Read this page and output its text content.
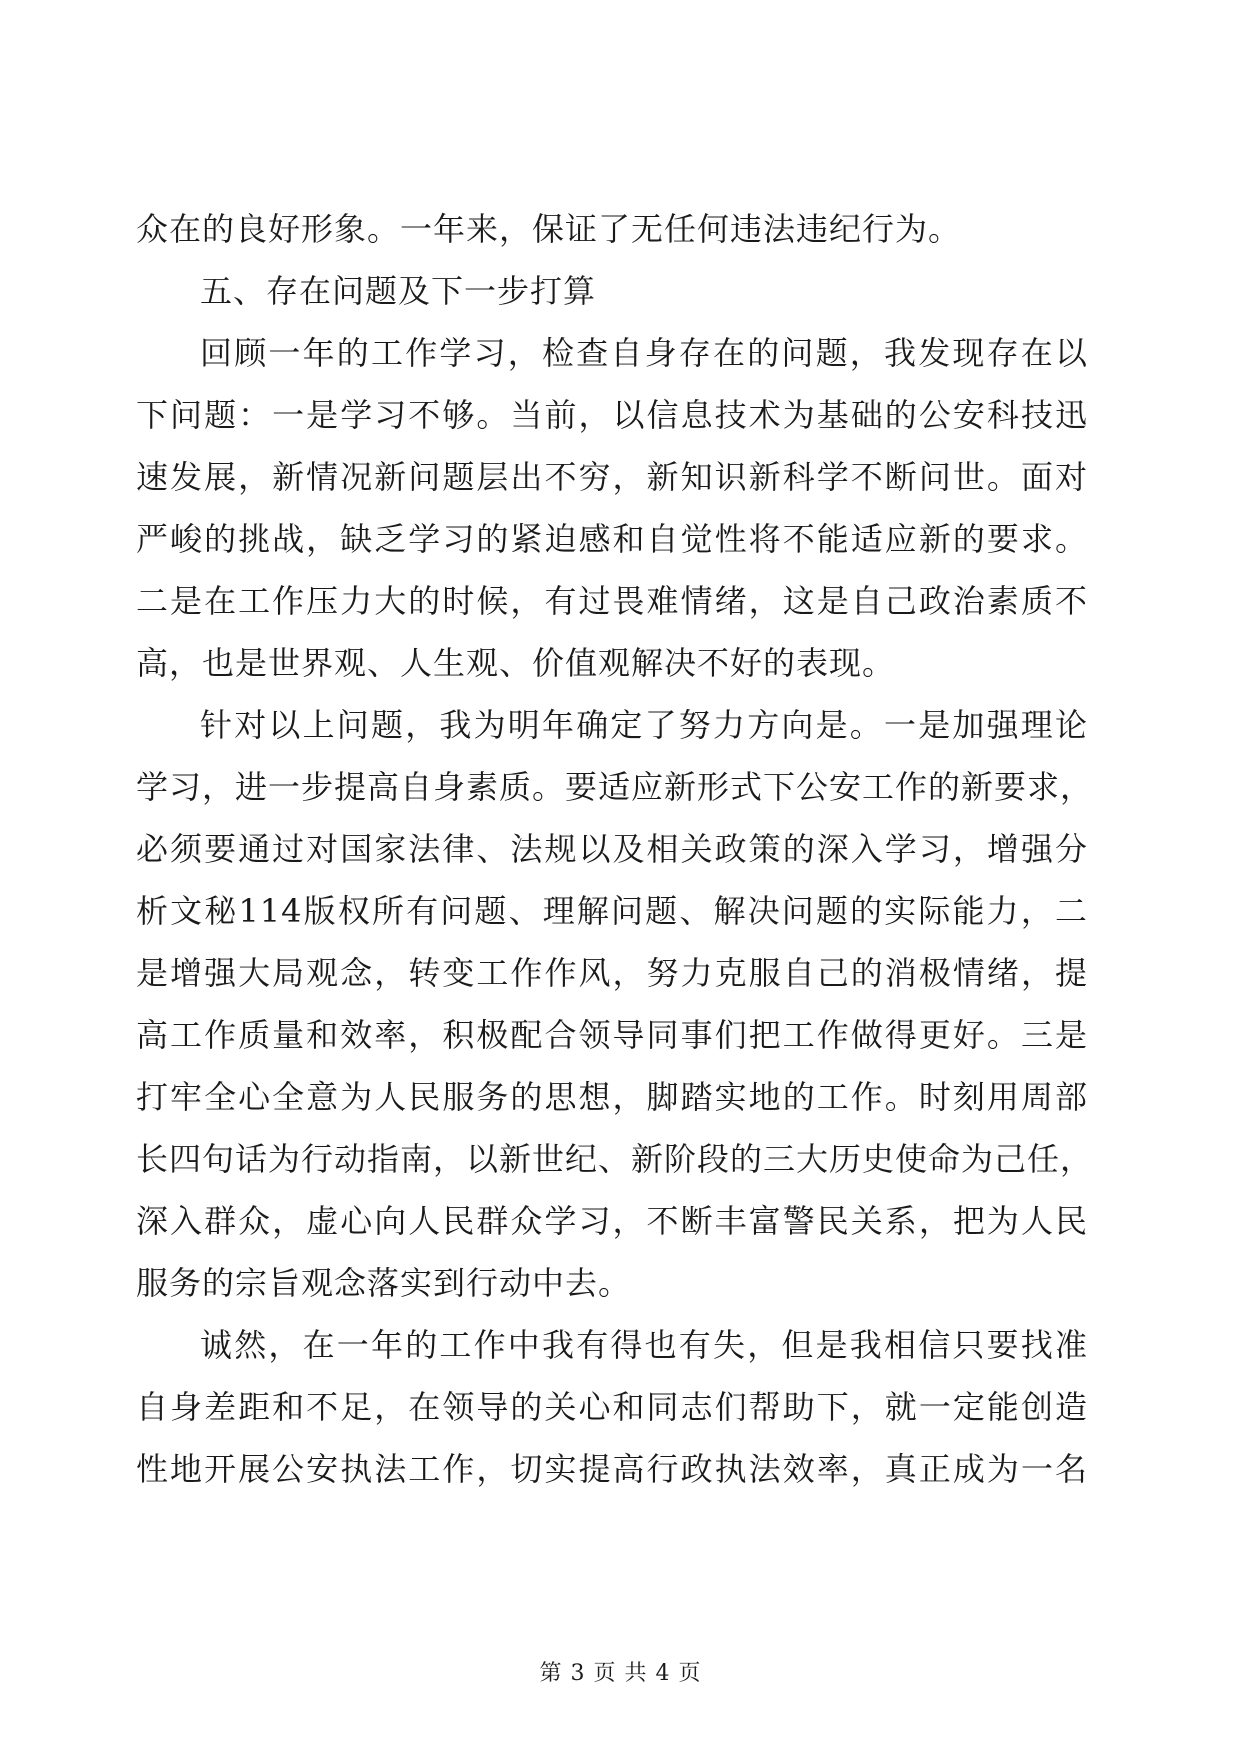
众在的良好形象。一年来，保证了无任何违法违纪行为。
五、存在问题及下一步打算
回顾一年的工作学习，检查自身存在的问题，我发现存在以
下问题：一是学习不够。当前，以信息技术为基础的公安科技迅
速发展，新情况新问题层出不穷，新知识新科学不断问世。面对
严峻的挑战，缺乏学习的紧迫感和自觉性将不能适应新的要求。
二是在工作压力大的时候，有过畏难情绪，这是自己政治素质不
高，也是世界观、人生观、价值观解决不好的表现。
针对以上问题，我为明年确定了努力方向是。一是加强理论
学习，进一步提高自身素质。要适应新形式下公安工作的新要求，
必须要通过对国家法律、法规以及相关政策的深入学习，增强分
析文秘114版权所有问题、理解问题、解决问题的实际能力，二
是增强大局观念，转变工作作风，努力克服自己的消极情绪，提
高工作质量和效率，积极配合领导同事们把工作做得更好。三是
打牢全心全意为人民服务的思想，脚踏实地的工作。时刻用周部
长四句话为行动指南，以新世纪、新阶段的三大历史使命为己任，
深入群众，虚心向人民群众学习，不断丰富警民关系，把为人民
服务的宗旨观念落实到行动中去。
诚然，在一年的工作中我有得也有失，但是我相信只要找准
自身差距和不足，在领导的关心和同志们帮助下，就一定能创造
性地开展公安执法工作，切实提高行政执法效率，真正成为一名
第 3 页 共 4 页
